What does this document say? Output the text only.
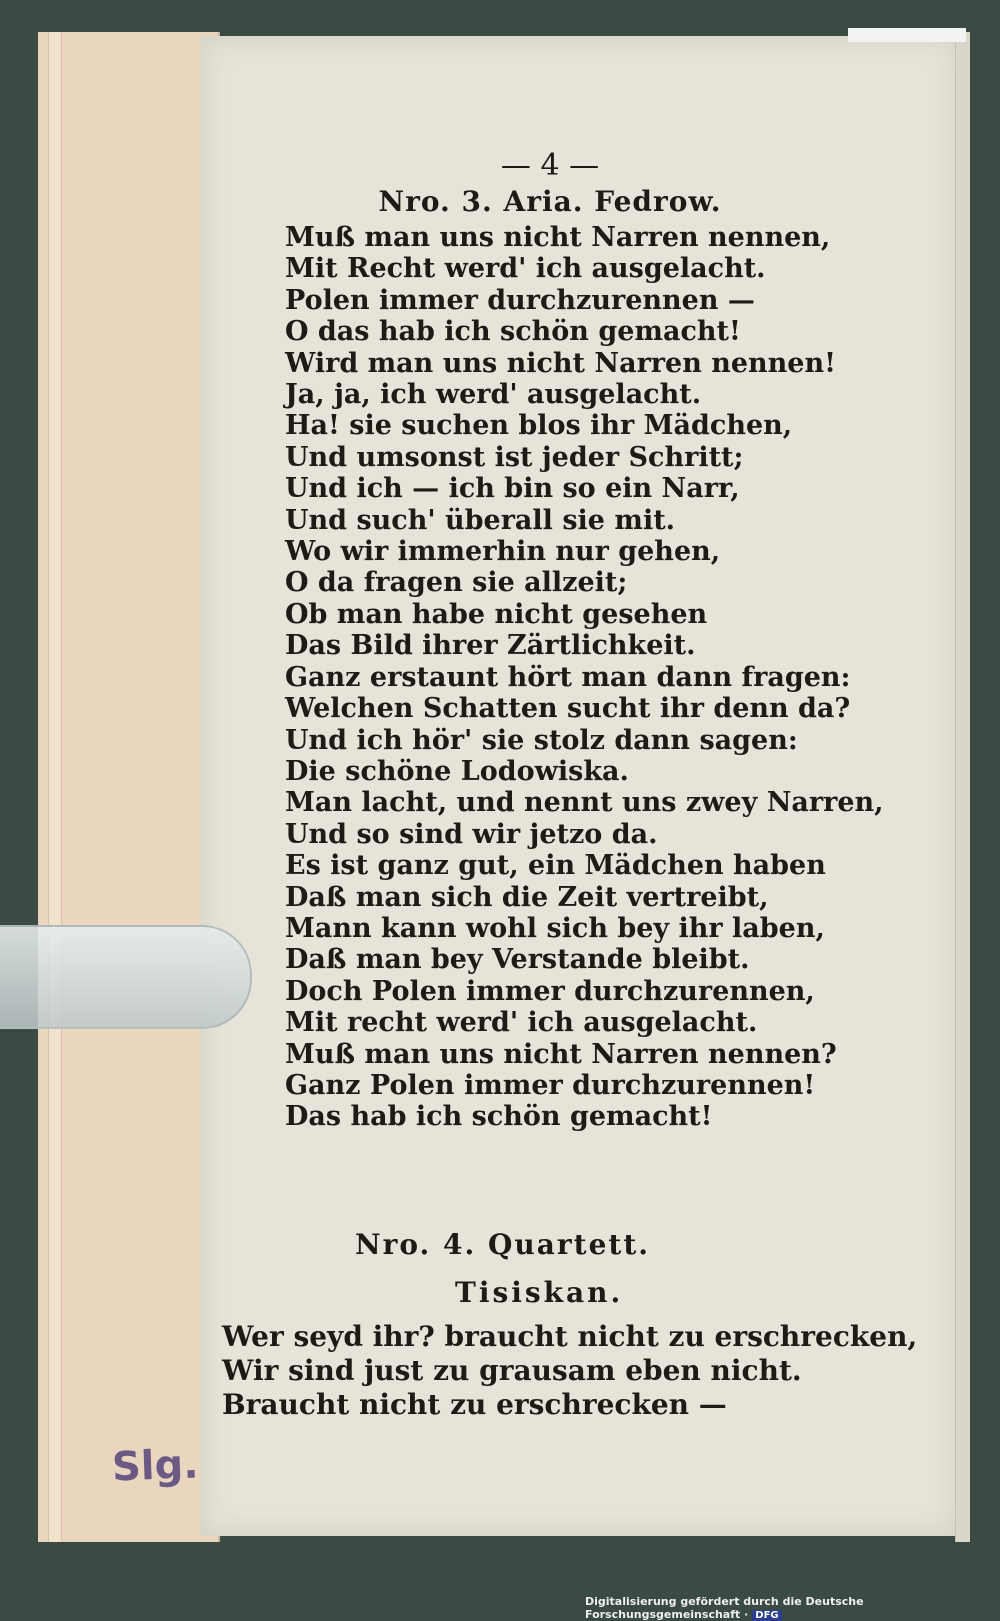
Slg.
— 4 —
Nro. 3. Aria. Fedrow.
Muß man uns nicht Narren nennen,
Mit Recht werd' ich ausgelacht.
Polen immer durchzurennen —
O das hab ich schön gemacht!
Wird man uns nicht Narren nennen!
Ja, ja, ich werd' ausgelacht.
Ha! sie suchen blos ihr Mädchen,
Und umsonst ist jeder Schritt;
Und ich — ich bin so ein Narr,
Und such' überall sie mit.
Wo wir immerhin nur gehen,
O da fragen sie allzeit;
Ob man habe nicht gesehen
Das Bild ihrer Zärtlichkeit.
Ganz erstaunt hört man dann fragen:
Welchen Schatten sucht ihr denn da?
Und ich hör' sie stolz dann sagen:
Die schöne Lodowiska.
Man lacht, und nennt uns zwey Narren,
Und so sind wir jetzo da.
Es ist ganz gut, ein Mädchen haben
Daß man sich die Zeit vertreibt,
Mann kann wohl sich bey ihr laben,
Daß man bey Verstande bleibt.
Doch Polen immer durchzurennen,
Mit recht werd' ich ausgelacht.
Muß man uns nicht Narren nennen?
Ganz Polen immer durchzurennen!
Das hab ich schön gemacht!
Nro. 4. Quartett.
Tisiskan.
Wer seyd ihr? braucht nicht zu erschrecken,
Wir sind just zu grausam eben nicht.
Braucht nicht zu erschrecken —
Digitalisierung gefördert durch die Deutsche Forschungsgemeinschaft · DFG
